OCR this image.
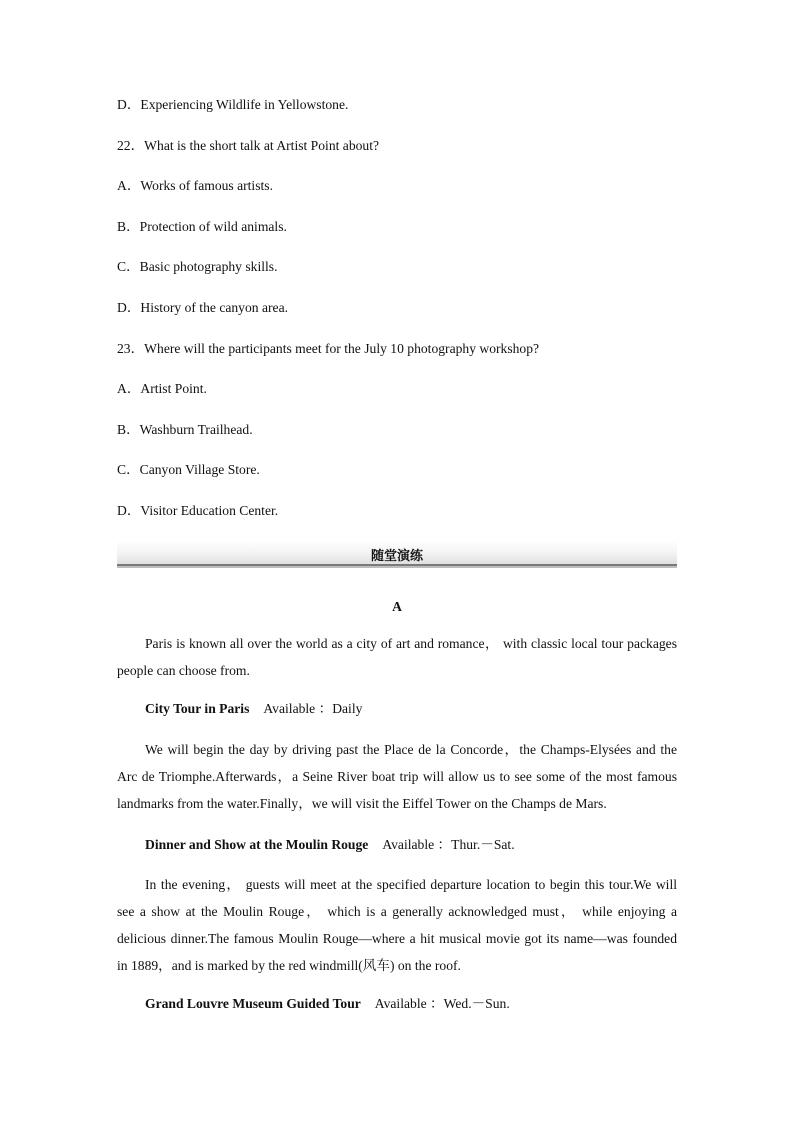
D．Experiencing Wildlife in Yellowstone.
22．What is the short talk at Artist Point about?
A．Works of famous artists.
B．Protection of wild animals.
C．Basic photography skills.
D．History of the canyon area.
23．Where will the participants meet for the July 10 photography workshop?
A．Artist Point.
B．Washburn Trailhead.
C．Canyon Village Store.
D．Visitor Education Center.
随堂演练
A
Paris is known all over the world as a city of art and romance， with classic local tour packages people can choose from.
City Tour in Paris Available ：Daily
We will begin the day by driving past the Place de la Concorde，the Champs-Elysées and the Arc de Triomphe.Afterwards，a Seine River boat trip will allow us to see some of the most famous landmarks from the water.Finally，we will visit the Eiffel Tower on the Champs de Mars.
Dinner and Show at the Moulin Rouge Available ：Thur.－Sat.
In the evening， guests will meet at the specified departure location to begin this tour.We will see a show at the Moulin Rouge， which is a generally acknowledged must， while enjoying a delicious dinner.The famous Moulin Rouge—where a hit musical movie got its name—was founded in 1889，and is marked by the red windmill(风车) on the roof.
Grand Louvre Museum Guided Tour Available ：Wed.－Sun.
